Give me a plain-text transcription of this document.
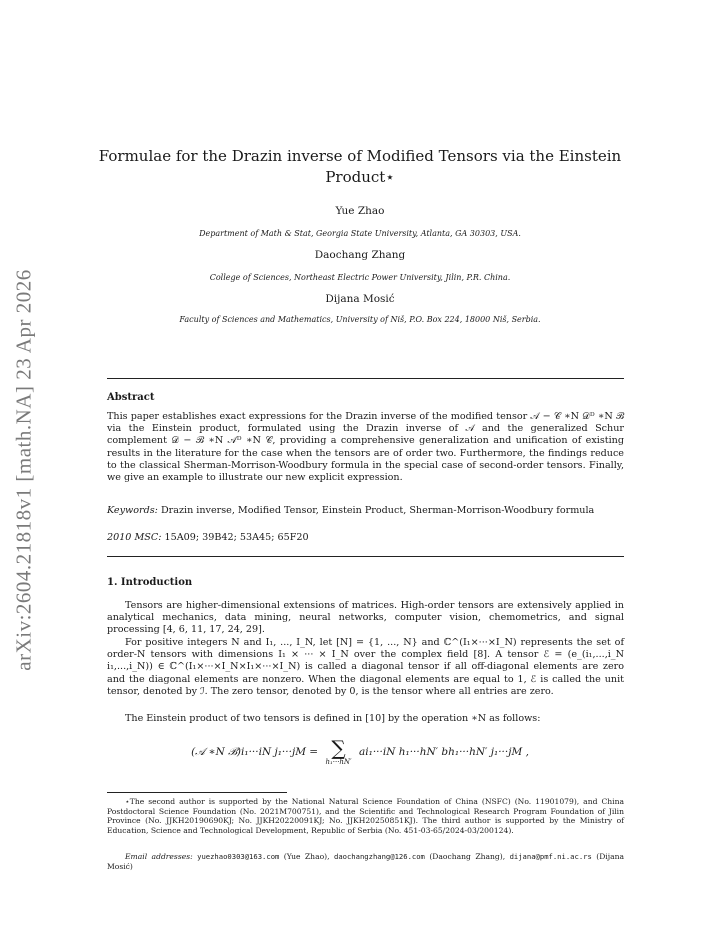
arXiv:2604.21818v1 [math.NA] 23 Apr 2026
Formulae for the Drazin inverse of Modified Tensors via the Einstein
Product⋆
Yue Zhao
Department of Math & Stat, Georgia State University, Atlanta, GA 30303, USA.
Daochang Zhang
College of Sciences, Northeast Electric Power University, Jilin, P.R. China.
Dijana Mosić
Faculty of Sciences and Mathematics, University of Niš, P.O. Box 224, 18000 Niš, Serbia.
Abstract
This paper establishes exact expressions for the Drazin inverse of the modified tensor 𝒜 − 𝒞 ∗N 𝒟ᴰ ∗N ℬ via the Einstein product, formulated using the Drazin inverse of 𝒜 and the generalized Schur complement 𝒟 − ℬ ∗N 𝒜ᴰ ∗N 𝒞, providing a comprehensive generalization and unification of existing results in the literature for the case when the tensors are of order two. Furthermore, the findings reduce to the classical Sherman-Morrison-Woodbury formula in the special case of second-order tensors. Finally, we give an example to illustrate our new explicit expression.
Keywords: Drazin inverse, Modified Tensor, Einstein Product, Sherman-Morrison-Woodbury formula
2010 MSC: 15A09; 39B42; 53A45; 65F20
1. Introduction
Tensors are higher-dimensional extensions of matrices. High-order tensors are extensively applied in analytical mechanics, data mining, neural networks, computer vision, chemometrics, and signal processing [4, 6, 11, 17, 24, 29].
For positive integers N and I₁, ..., I_N, let [N] = {1, ..., N} and ℂ^(I₁×···×I_N) represents the set of order-N tensors with dimensions I₁ × ··· × I_N over the complex field [8]. A tensor ℰ = (e_(i₁,...,i_N i₁,...,i_N)) ∈ ℂ^(I₁×···×I_N×I₁×···×I_N) is called a diagonal tensor if all off-diagonal elements are zero and the diagonal elements are nonzero. When the diagonal elements are equal to 1, ℰ is called the unit tensor, denoted by ℐ. The zero tensor, denoted by 0, is the tensor where all entries are zero.
The Einstein product of two tensors is defined in [10] by the operation ∗N as follows:
(𝒜 ∗N ℬ)i₁···iN j₁···jM = ∑
h₁···hN′
ai₁···iN h₁···hN′ bh₁···hN′ j₁···jM ,
⋆The second author is supported by the National Natural Science Foundation of China (NSFC) (No. 11901079), and China Postdoctoral Science Foundation (No. 2021M700751), and the Scientific and Technological Research Program Foundation of Jilin Province (No. JJKH20190690KJ; No. JJKH20220091KJ; No. JJKH20250851KJ). The third author is supported by the Ministry of Education, Science and Technological Development, Republic of Serbia (No. 451-03-65/2024-03/200124).
Email addresses: yuezhao0303@163.com (Yue Zhao), daochangzhang@126.com (Daochang Zhang), dijana@pmf.ni.ac.rs (Dijana Mosić)
